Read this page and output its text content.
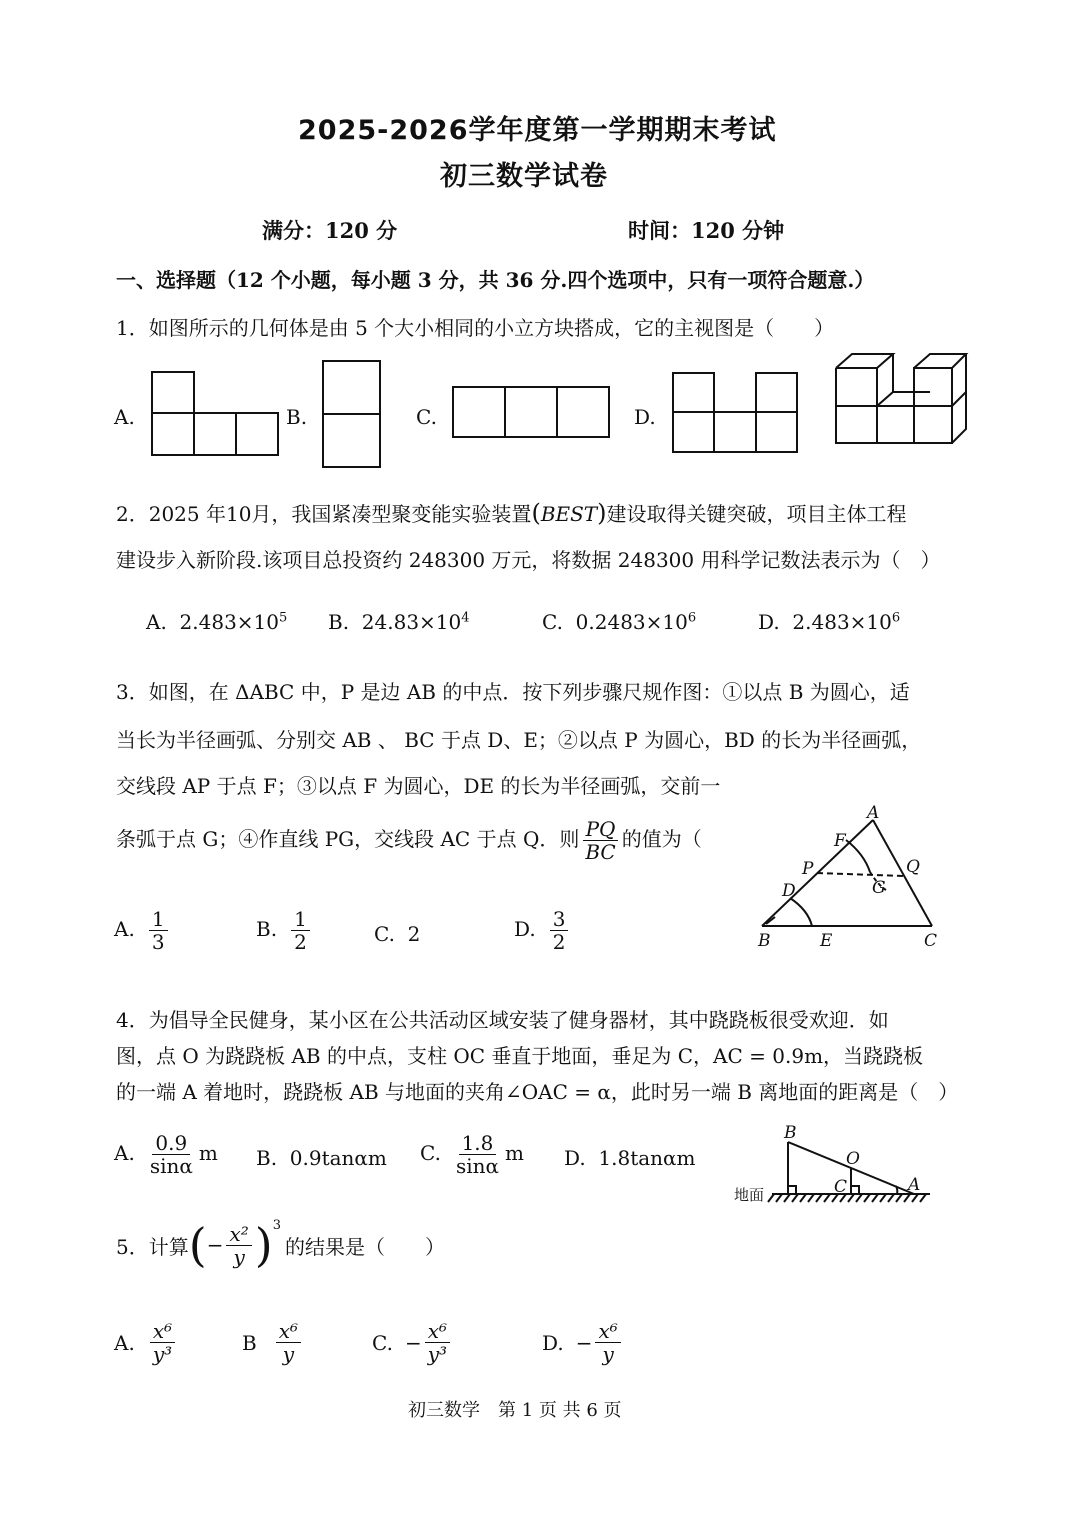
2025-2026学年度第一学期期末考试
初三数学试卷
满分：120 分	时间：120 分钟
一、选择题（12 个小题，每小题 3 分，共 36 分.四个选项中，只有一项符合题意.）
1．如图所示的几何体是由 5 个大小相同的小立方块搭成，它的主视图是（　　）
A.	B.	C.	D.
2．2025 年10月，我国紧凑型聚变能实验装置(BEST)建设取得关键突破，项目主体工程
建设步入新阶段.该项目总投资约 248300 万元，将数据 248300 用科学记数法表示为（　）
A. $2.483\times 10^5$ B. $24.83\times 10^4$	C. $0.2483\times 10^6$	D. $2.483\times 10^6$
3．如图，在 ΔABC 中，P 是边 AB 的中点．按下列步骤尺规作图：①以点 B 为圆心，适
当长为半径画弧、分别交 AB 、 BC 于点 D、E；②以点 P 为圆心，BD 的长为半径画弧，
交线段 AP 于点 F；③以点 F 为圆心，DE 的长为半径画弧，交前一
条弧于点 G；④作直线 PG，交线段 AC 于点 Q．则 $\frac{PQ}{BC}$ 的值为（
A. $\frac{1}{3}$	B. $\frac{1}{2}$	C. 2	D. $\frac{3}{2}$
A
B	C
P	Q
F
D
E
G
4．为倡导全民健身，某小区在公共活动区域安装了健身器材，其中跷跷板很受欢迎．如
图，点 O 为跷跷板 AB 的中点，支柱 OC 垂直于地面，垂足为 C，AC = 0.9m，当跷跷板
的一端 A 着地时，跷跷板 AB 与地面的夹角∠OAC = α，此时另一端 B 离地面的距离是（　）
A. $\frac{0.9}{\sin\alpha}$ m B. 0.9tanαm C. $\frac{1.8}{\sin\alpha}$ m D. 1.8tanαm
B
O
C	A
地面
5．计算 ( − $\frac{\text{x²}}{y} )^3$
的结果是（　　）
A. $\frac{\text{x⁶}}{\text{y³}}$	B $\frac{\text{x⁶}}{y}$	C. − $\frac{\text{x⁶}}{\text{y³}}$	D. − $\frac{\text{x⁶}}{y}$
初三数学　第 1 页 共 6 页
